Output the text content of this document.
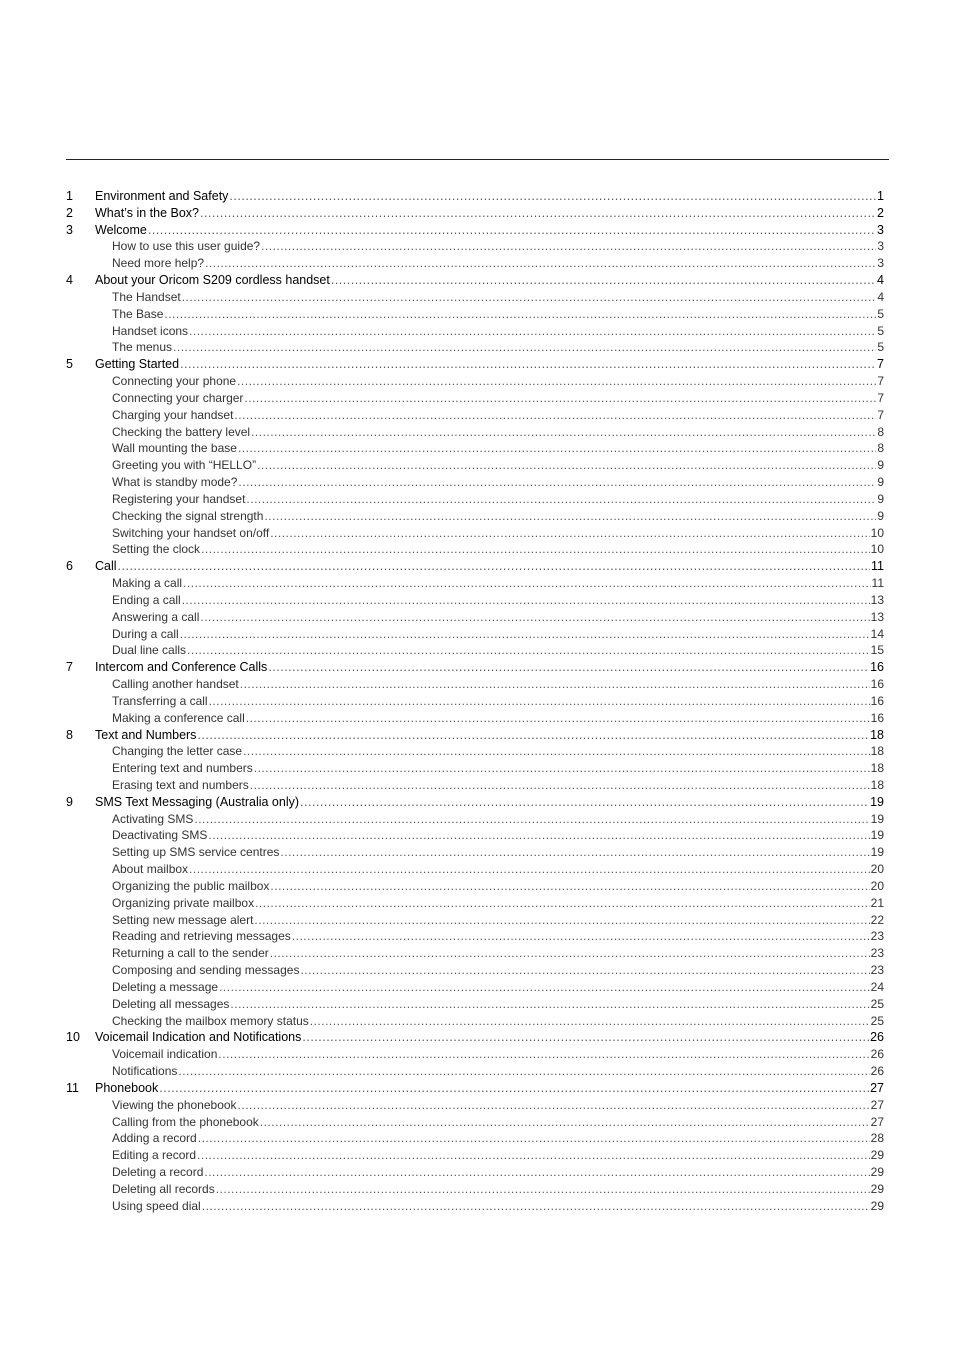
1	Environment and Safety .....	1
2	What’s in the Box? .....	2
3	Welcome .....	3
How to use this user guide? .....	3
Need more help? .....	3
4	About your Oricom S209 cordless handset .....	4
The Handset .....	4
The Base .....	5
Handset icons .....	5
The menus .....	5
5	Getting Started .....	7
Connecting your phone .....	7
Connecting your charger .....	7
Charging your handset .....	7
Checking the battery level .....	8
Wall mounting the base .....	8
Greeting you with “HELLO” .....	9
What is standby mode? .....	9
Registering your handset .....	9
Checking the signal strength .....	9
Switching your handset on/off .....	10
Setting the clock .....	10
6	Call .....	11
Making a call .....	11
Ending a call .....	13
Answering a call .....	13
During a call .....	14
Dual line calls .....	15
7	Intercom and Conference Calls .....	16
Calling another handset .....	16
Transferring a call .....	16
Making a conference call .....	16
8	Text and Numbers .....	18
Changing the letter case .....	18
Entering text and numbers .....	18
Erasing text and numbers .....	18
9	SMS Text Messaging (Australia only) .....	19
Activating SMS .....	19
Deactivating SMS .....	19
Setting up SMS service centres .....	19
About mailbox .....	20
Organizing the public mailbox .....	20
Organizing private mailbox .....	21
Setting new message alert .....	22
Reading and retrieving messages .....	23
Returning a call to the sender .....	23
Composing and sending messages .....	23
Deleting a message .....	24
Deleting all messages .....	25
Checking the mailbox memory status .....	25
10	Voicemail Indication and Notifications .....	26
Voicemail indication .....	26
Notifications .....	26
11	Phonebook .....	27
Viewing the phonebook .....	27
Calling from the phonebook .....	27
Adding a record .....	28
Editing a record .....	29
Deleting a record .....	29
Deleting all records .....	29
Using speed dial .....	29
